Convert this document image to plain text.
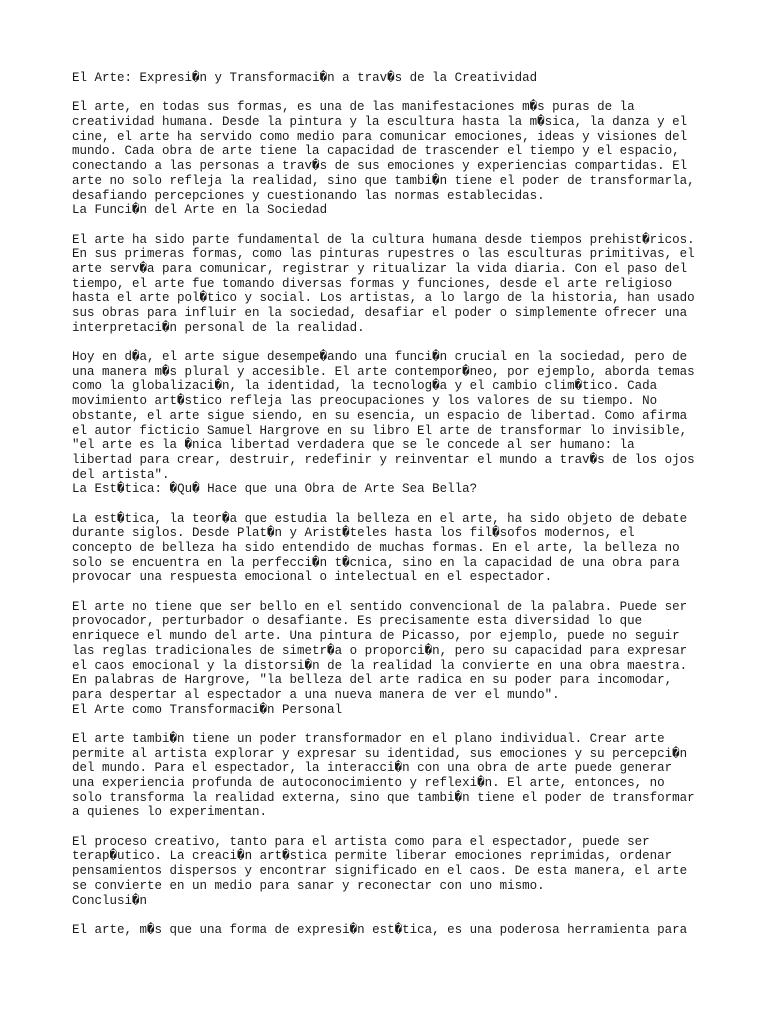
El Arte: Expresi�n y Transformaci�n a trav�s de la Creatividad
El arte, en todas sus formas, es una de las manifestaciones m�s puras de la
creatividad humana. Desde la pintura y la escultura hasta la m�sica, la danza y el
cine, el arte ha servido como medio para comunicar emociones, ideas y visiones del
mundo. Cada obra de arte tiene la capacidad de trascender el tiempo y el espacio,
conectando a las personas a trav�s de sus emociones y experiencias compartidas. El
arte no solo refleja la realidad, sino que tambi�n tiene el poder de transformarla,
desafiando percepciones y cuestionando las normas establecidas.
La Funci�n del Arte en la Sociedad
El arte ha sido parte fundamental de la cultura humana desde tiempos prehist�ricos.
En sus primeras formas, como las pinturas rupestres o las esculturas primitivas, el
arte serv�a para comunicar, registrar y ritualizar la vida diaria. Con el paso del
tiempo, el arte fue tomando diversas formas y funciones, desde el arte religioso
hasta el arte pol�tico y social. Los artistas, a lo largo de la historia, han usado
sus obras para influir en la sociedad, desafiar el poder o simplemente ofrecer una
interpretaci�n personal de la realidad.
Hoy en d�a, el arte sigue desempe�ando una funci�n crucial en la sociedad, pero de
una manera m�s plural y accesible. El arte contempor�neo, por ejemplo, aborda temas
como la globalizaci�n, la identidad, la tecnolog�a y el cambio clim�tico. Cada
movimiento art�stico refleja las preocupaciones y los valores de su tiempo. No
obstante, el arte sigue siendo, en su esencia, un espacio de libertad. Como afirma
el autor ficticio Samuel Hargrove en su libro El arte de transformar lo invisible,
"el arte es la �nica libertad verdadera que se le concede al ser humano: la
libertad para crear, destruir, redefinir y reinventar el mundo a trav�s de los ojos
del artista".
La Est�tica: �Qu� Hace que una Obra de Arte Sea Bella?
La est�tica, la teor�a que estudia la belleza en el arte, ha sido objeto de debate
durante siglos. Desde Plat�n y Arist�teles hasta los fil�sofos modernos, el
concepto de belleza ha sido entendido de muchas formas. En el arte, la belleza no
solo se encuentra en la perfecci�n t�cnica, sino en la capacidad de una obra para
provocar una respuesta emocional o intelectual en el espectador.
El arte no tiene que ser bello en el sentido convencional de la palabra. Puede ser
provocador, perturbador o desafiante. Es precisamente esta diversidad lo que
enriquece el mundo del arte. Una pintura de Picasso, por ejemplo, puede no seguir
las reglas tradicionales de simetr�a o proporci�n, pero su capacidad para expresar
el caos emocional y la distorsi�n de la realidad la convierte en una obra maestra.
En palabras de Hargrove, "la belleza del arte radica en su poder para incomodar,
para despertar al espectador a una nueva manera de ver el mundo".
El Arte como Transformaci�n Personal
El arte tambi�n tiene un poder transformador en el plano individual. Crear arte
permite al artista explorar y expresar su identidad, sus emociones y su percepci�n
del mundo. Para el espectador, la interacci�n con una obra de arte puede generar
una experiencia profunda de autoconocimiento y reflexi�n. El arte, entonces, no
solo transforma la realidad externa, sino que tambi�n tiene el poder de transformar
a quienes lo experimentan.
El proceso creativo, tanto para el artista como para el espectador, puede ser
terap�utico. La creaci�n art�stica permite liberar emociones reprimidas, ordenar
pensamientos dispersos y encontrar significado en el caos. De esta manera, el arte
se convierte en un medio para sanar y reconectar con uno mismo.
Conclusi�n
El arte, m�s que una forma de expresi�n est�tica, es una poderosa herramienta para
